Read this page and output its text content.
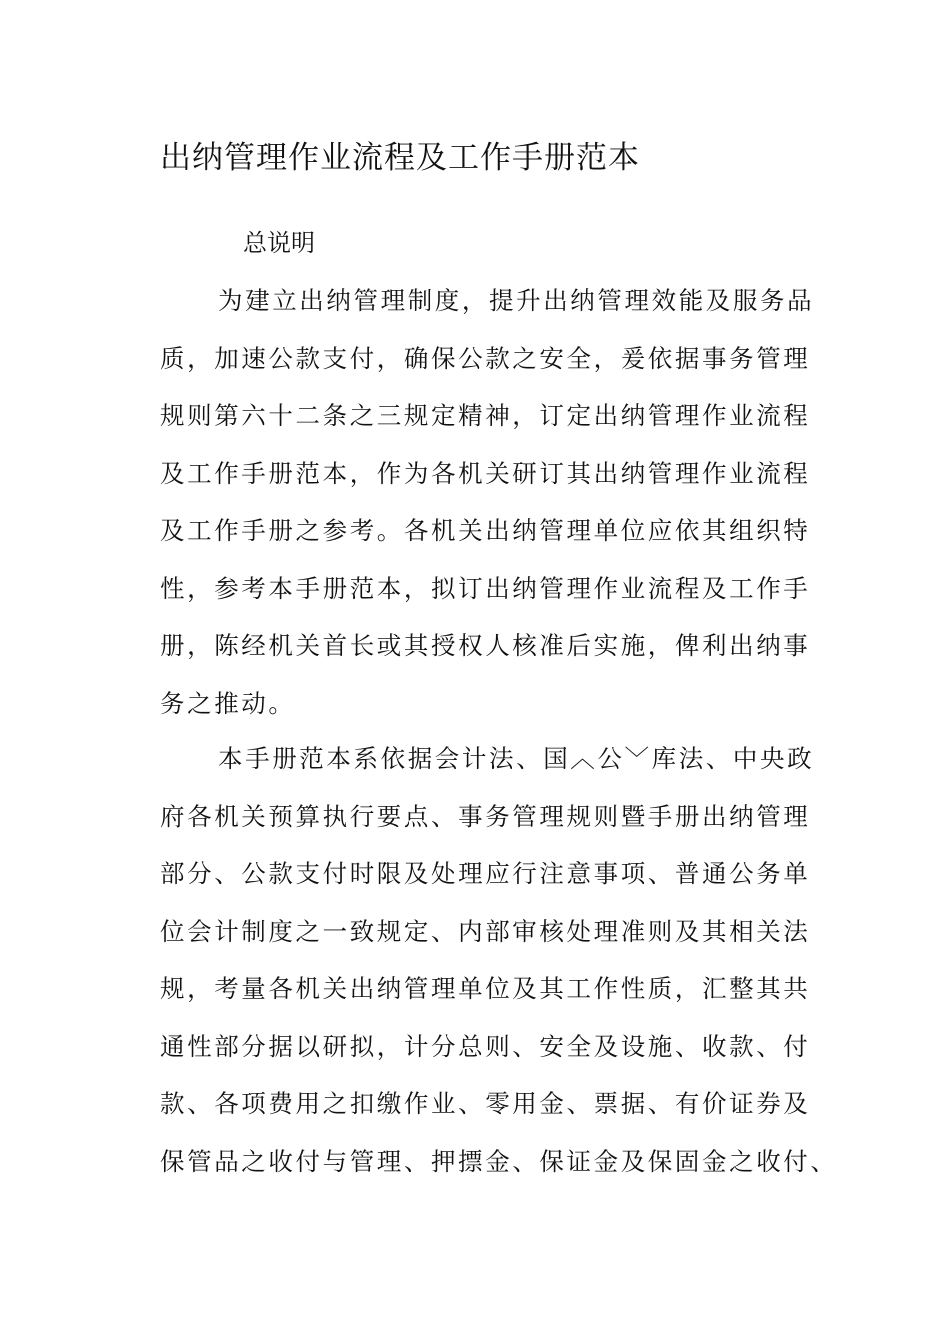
出纳管理作业流程及工作手册范本
总说明
为建立出纳管理制度，提升出纳管理效能及服务品
质，加速公款支付，确保公款之安全，爰依据事务管理
规则第六十二条之三规定精神，订定出纳管理作业流程
及工作手册范本，作为各机关研订其出纳管理作业流程
及工作手册之参考。各机关出纳管理单位应依其组织特
性，参考本手册范本，拟订出纳管理作业流程及工作手
册，陈经机关首长或其授权人核准后实施，俾利出纳事
务之推动。
本手册范本系依据会计法、国︿公﹀库法、中央政
府各机关预算执行要点、事务管理规则暨手册出纳管理
部分、公款支付时限及处理应行注意事项、普通公务单
位会计制度之一致规定、内部审核处理准则及其相关法
规，考量各机关出纳管理单位及其工作性质，汇整其共
通性部分据以研拟，计分总则、安全及设施、收款、付
款、各项费用之扣缴作业、零用金、票据、有价证券及
保管品之收付与管理、押摽金、保证金及保固金之收付、
